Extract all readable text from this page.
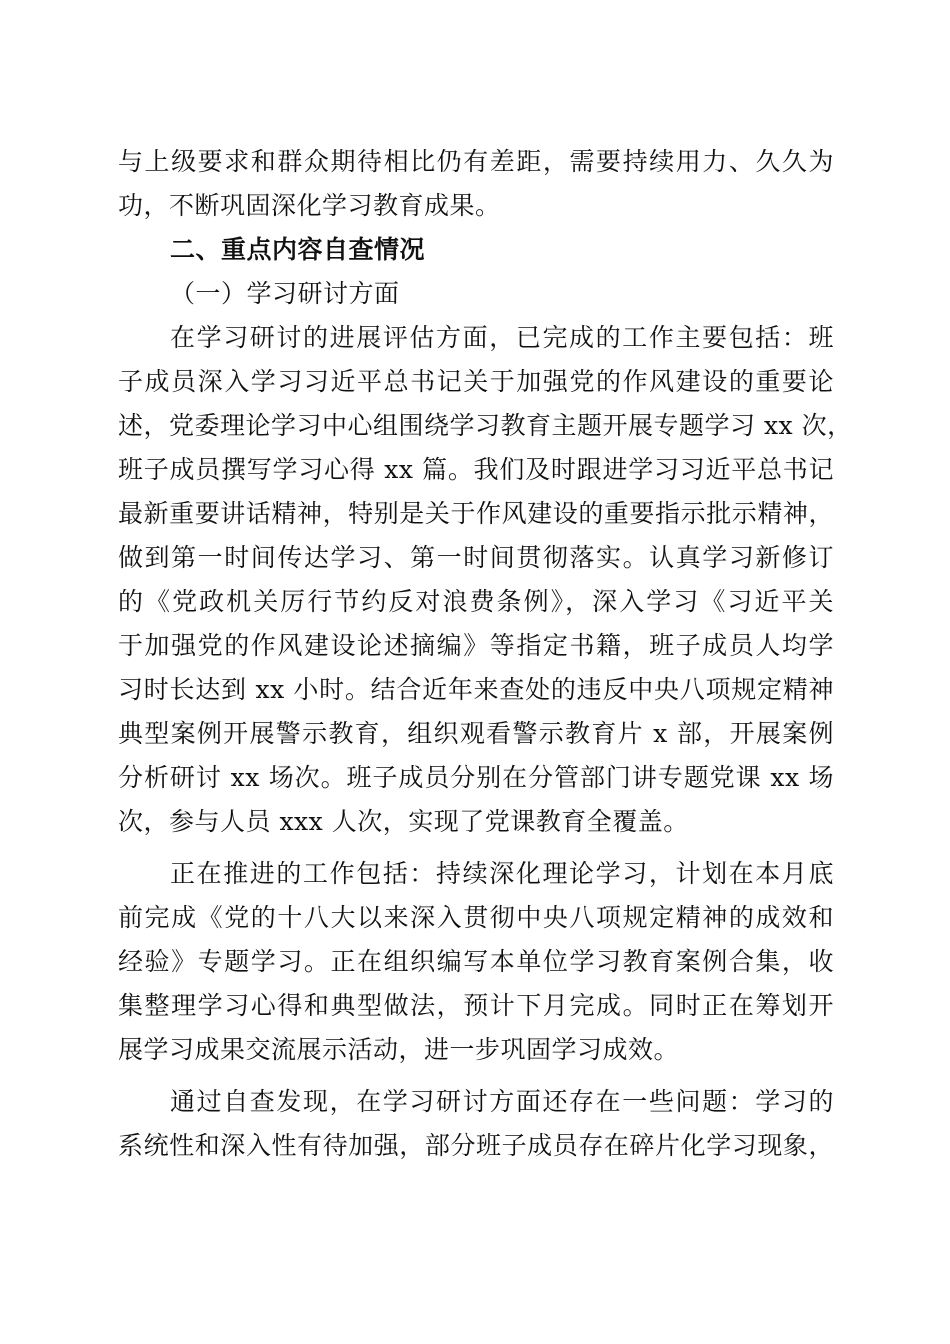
与上级要求和群众期待相比仍有差距，需要持续用力、久久为
功，不断巩固深化学习教育成果。
二、重点内容自查情况
（一）学习研讨方面
在学习研讨的进展评估方面，已完成的工作主要包括：班
子成员深入学习习近平总书记关于加强党的作风建设的重要论
述，党委理论学习中心组围绕学习教育主题开展专题学习 xx 次，
班子成员撰写学习心得 xx 篇。我们及时跟进学习习近平总书记
最新重要讲话精神，特别是关于作风建设的重要指示批示精神，
做到第一时间传达学习、第一时间贯彻落实。认真学习新修订
的《党政机关厉行节约反对浪费条例》，深入学习《习近平关
于加强党的作风建设论述摘编》等指定书籍，班子成员人均学
习时长达到 xx 小时。结合近年来查处的违反中央八项规定精神
典型案例开展警示教育，组织观看警示教育片 x 部，开展案例
分析研讨 xx 场次。班子成员分别在分管部门讲专题党课 xx 场
次，参与人员 xxx 人次，实现了党课教育全覆盖。
正在推进的工作包括：持续深化理论学习，计划在本月底
前完成《党的十八大以来深入贯彻中央八项规定精神的成效和
经验》专题学习。正在组织编写本单位学习教育案例合集，收
集整理学习心得和典型做法，预计下月完成。同时正在筹划开
展学习成果交流展示活动，进一步巩固学习成效。
通过自查发现，在学习研讨方面还存在一些问题：学习的
系统性和深入性有待加强，部分班子成员存在碎片化学习现象，
